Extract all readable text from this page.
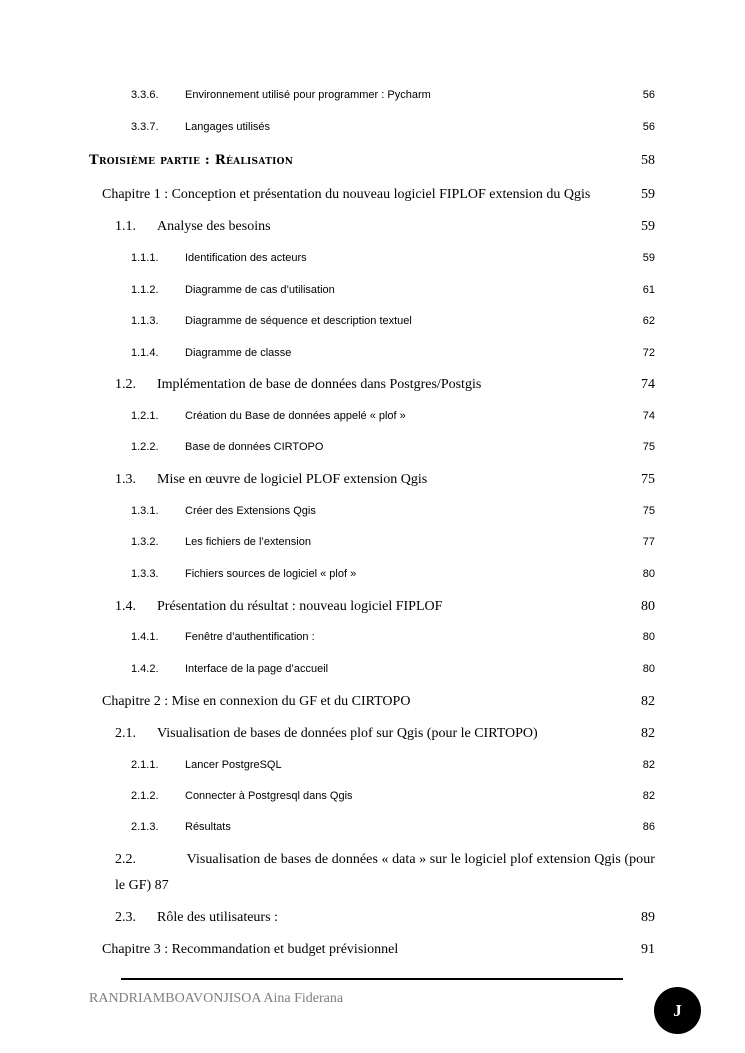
3.3.6.	Environnement utilisé pour programmer : Pycharm	56
3.3.7.	Langages utilisés	56
Troisième partie : Réalisation	58
Chapitre 1 : Conception et présentation du nouveau logiciel FIPLOF extension du Qgis	59
1.1.	Analyse des besoins	59
1.1.1.	Identification des acteurs	59
1.1.2.	Diagramme de cas d’utilisation	61
1.1.3.	Diagramme de séquence et description textuel	62
1.1.4.	Diagramme de classe	72
1.2.	Implémentation de base de données dans Postgres/Postgis	74
1.2.1.	Création du Base de données appelé « plof »	74
1.2.2.	Base de données CIRTOPO	75
1.3.	Mise en œuvre de logiciel PLOF extension Qgis	75
1.3.1.	Créer des Extensions Qgis	75
1.3.2.	Les fichiers de l’extension	77
1.3.3.	Fichiers sources de logiciel « plof »	80
1.4.	Présentation du résultat : nouveau logiciel FIPLOF	80
1.4.1.	Fenêtre d’authentification :	80
1.4.2.	Interface de la page d’accueil	80
Chapitre 2 : Mise en connexion du GF et du CIRTOPO	82
2.1.	Visualisation de bases de données plof sur Qgis (pour le CIRTOPO)	82
2.1.1.	Lancer PostgreSQL	82
2.1.2.	Connecter à Postgresql dans Qgis	82
2.1.3.	Résultats	86
2.2.	Visualisation de bases de données « data » sur le logiciel plof extension Qgis (pour
le GF) 87
2.3.	Rôle des utilisateurs :	89
Chapitre 3 : Recommandation et budget prévisionnel	91
RANDRIAMBOAVONJISOA Aina Fiderana
J
